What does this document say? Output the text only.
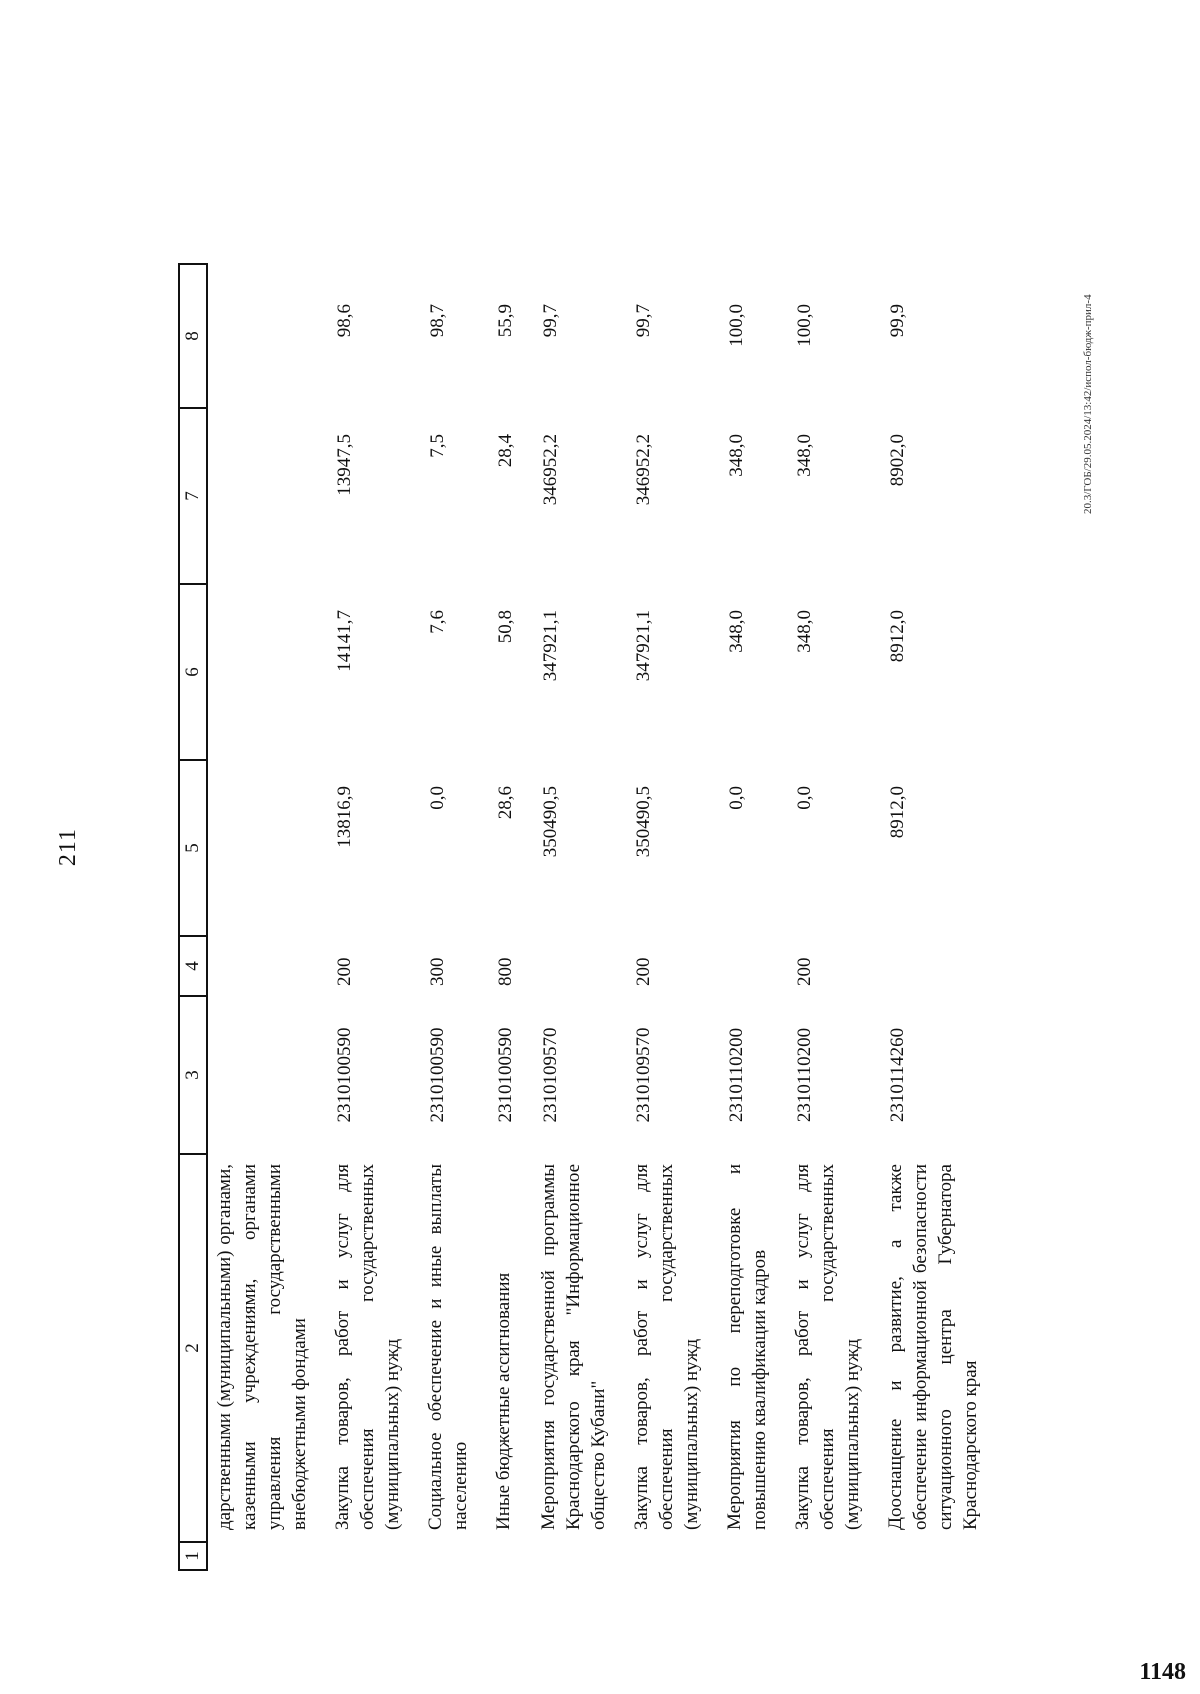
211
1	2	3	4	5	6	7	8
	дарственными (муниципальными) органами, казенными учреждениями, органами управления государственными внебюджетными фондами						
	Закупка товаров, работ и услуг для обеспечения государственных (муниципальных) нужд	2310100590	200	13816,9	14141,7	13947,5	98,6
	Социальное обеспечение и иные выплаты населению	2310100590	300	0,0	7,6	7,5	98,7
	Иные бюджетные ассигнования	2310100590	800	28,6	50,8	28,4	55,9
	Мероприятия государственной программы Краснодарского края "Информационное общество Кубани"	2310109570		350490,5	347921,1	346952,2	99,7
	Закупка товаров, работ и услуг для обеспечения государственных (муниципальных) нужд	2310109570	200	350490,5	347921,1	346952,2	99,7
	Мероприятия по переподготовке и повышению квалификации кадров	2310110200		0,0	348,0	348,0	100,0
	Закупка товаров, работ и услуг для обеспечения государственных (муниципальных) нужд	2310110200	200	0,0	348,0	348,0	100,0
	Дооснащение и развитие, а также обеспечение информационной безопасности ситуационного центра Губернатора Краснодарского края	2310114260		8912,0	8912,0	8902,0	99,9	20.3/ГОБ/29.05.2024/13:42/испол-бюдж-прил-4
1148
